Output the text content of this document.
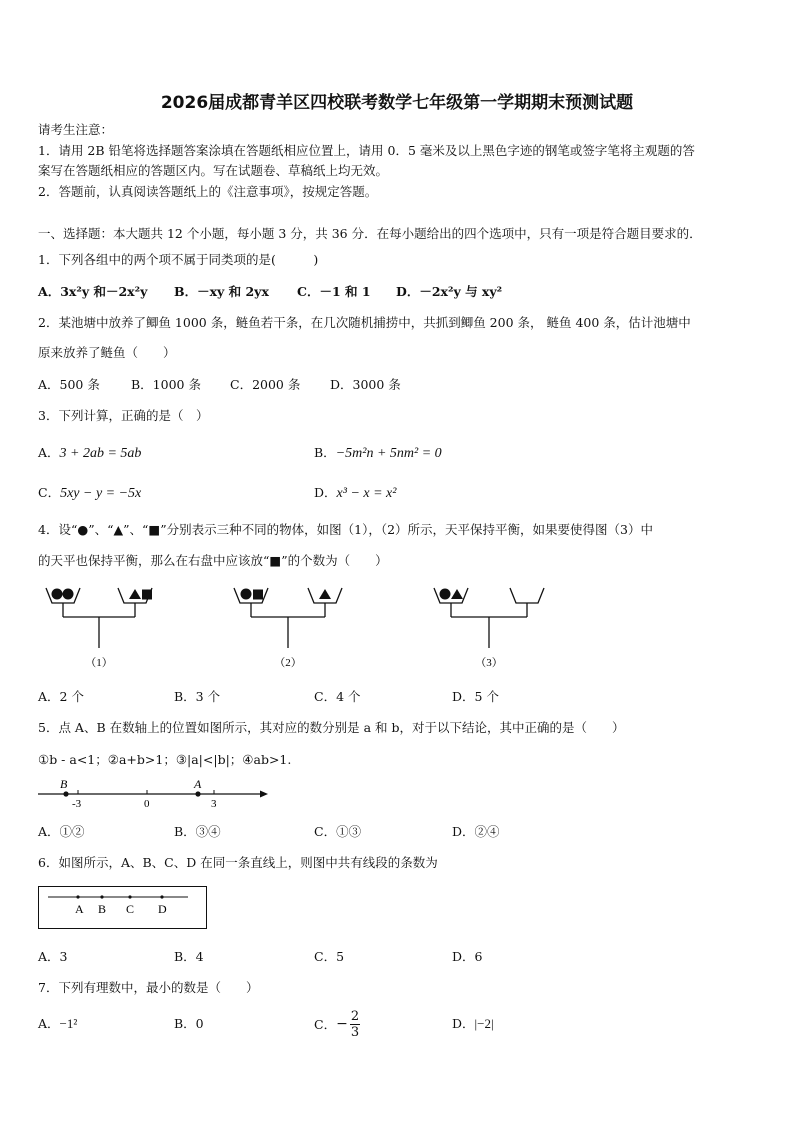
2026届成都青羊区四校联考数学七年级第一学期期末预测试题
请考生注意：
1．请用 2B 铅笔将选择题答案涂填在答题纸相应位置上，请用 0．5 毫米及以上黑色字迹的钢笔或签字笔将主观题的答
案写在答题纸相应的答题区内。写在试题卷、草稿纸上均无效。
2．答题前，认真阅读答题纸上的《注意事项》，按规定答题。
一、选择题：本大题共 12 个小题，每小题 3 分，共 36 分．在每小题给出的四个选项中，只有一项是符合题目要求的．
1．下列各组中的两个项不属于同类项的是(　　　)
A．3x²y 和－2x²y B．－xy 和 2yx C．－1 和 1 D．－2x²y 与 xy²
2．某池塘中放养了鲫鱼 1000 条，鲢鱼若干条，在几次随机捕捞中，共抓到鲫鱼 200 条， 鲢鱼 400 条，估计池塘中
原来放养了鲢鱼（　　）
A．500 条 B．1000 条 C．2000 条 D．3000 条
3．下列计算，正确的是（　）
A．3 + 2ab = 5ab	B．−5m²n + 5nm² = 0
C．5xy − y = −5x	D．x³ − x = x²
4．设“●”、“▲”、“■”分别表示三种不同的物体，如图（1），（2）所示，天平保持平衡，如果要使得图（3）中
的天平也保持平衡，那么在右盘中应该放“■”的个数为（　　）
（1）	（2）	（3）
A．2 个	B．3 个	C．4 个	D．5 个
5．点 A、B 在数轴上的位置如图所示，其对应的数分别是 a 和 b，对于以下结论，其中正确的是（　　）
①b - a<1；②a+b>1；③|a|<|b|；④ab>1.
B	A
-3	0	3
A．①②	B．③④	C．①③	D．②④
6．如图所示，A、B、C、D 在同一条直线上，则图中共有线段的条数为
A B C D
A．3	B．4	C．5	D．6
7．下列有理数中，最小的数是（　　）
A．−1²	B．0	C． − $\frac{2}{3}$	D．|−2|
